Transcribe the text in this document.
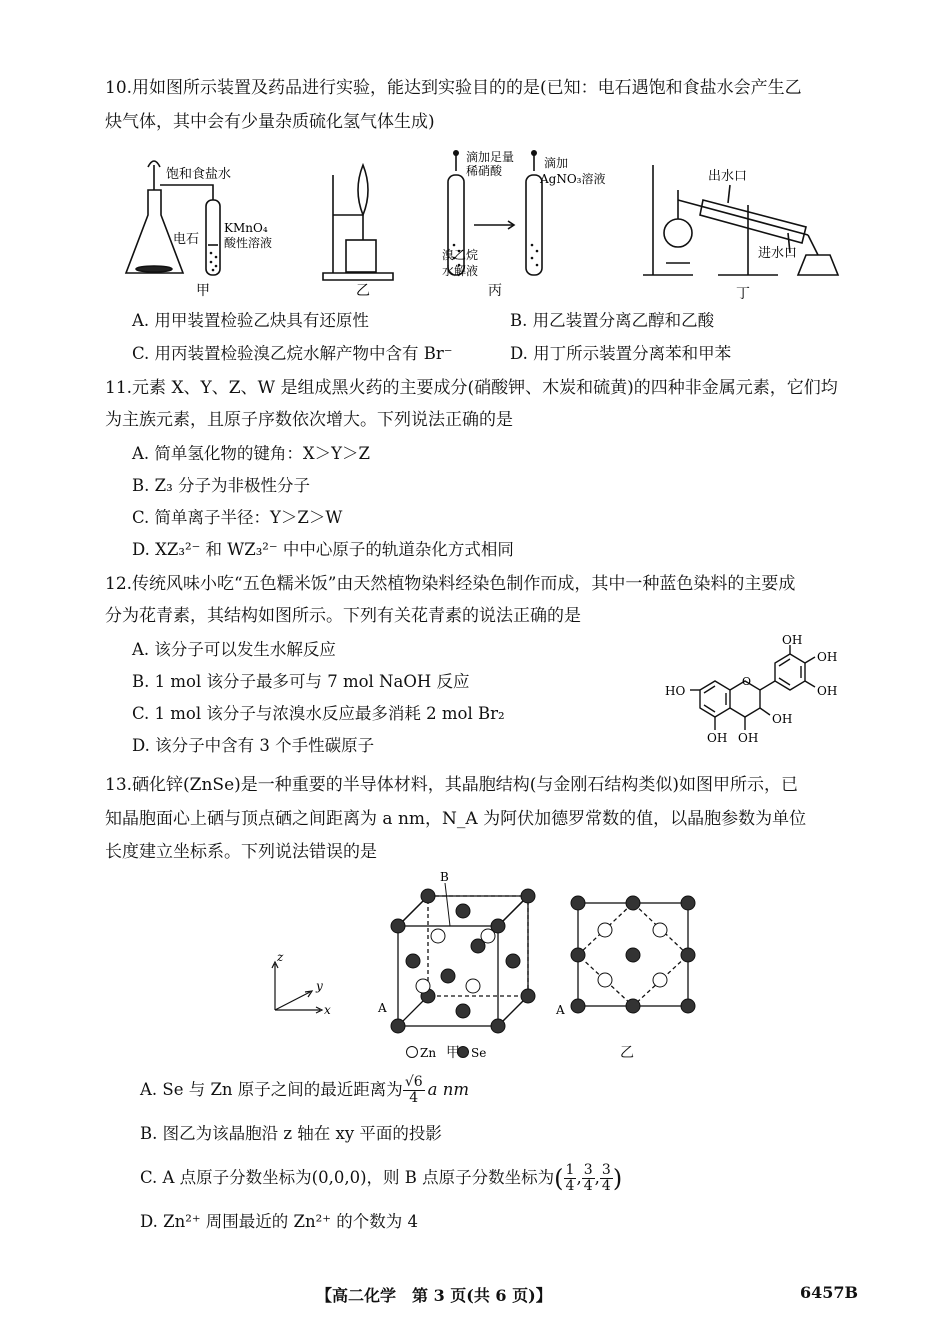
10.用如图所示装置及药品进行实验，能达到实验目的的是(已知：电石遇饱和食盐水会产生乙
炔气体，其中会有少量杂质硫化氢气体生成)
饱和食盐水
电石
KMnO₄
酸性溶液
甲	乙
滴加足量
稀硝酸
滴加
AgNO₃溶液
溴乙烷
水解液
丙
出水口
进水口
丁
A. 用甲装置检验乙炔具有还原性	B. 用乙装置分离乙醇和乙酸
C. 用丙装置检验溴乙烷水解产物中含有 Br⁻	D. 用丁所示装置分离苯和甲苯
11.元素 X、Y、Z、W 是组成黑火药的主要成分(硝酸钾、木炭和硫黄)的四种非金属元素，它们均
为主族元素，且原子序数依次增大。下列说法正确的是
A. 简单氢化物的键角：X＞Y＞Z
B. Z₃ 分子为非极性分子
C. 简单离子半径：Y＞Z＞W
D. XZ₃²⁻ 和 WZ₃²⁻ 中中心原子的轨道杂化方式相同
12.传统风味小吃“五色糯米饭”由天然植物染料经染色制作而成，其中一种蓝色染料的主要成
分为花青素，其结构如图所示。下列有关花青素的说法正确的是
A. 该分子可以发生水解反应
B. 1 mol 该分子最多可与 7 mol NaOH 反应
C. 1 mol 该分子与浓溴水反应最多消耗 2 mol Br₂
D. 该分子中含有 3 个手性碳原子
O
HO
OH OH
OH
OH
OH
OH
13.硒化锌(ZnSe)是一种重要的半导体材料，其晶胞结构(与金刚石结构类似)如图甲所示，已
知晶胞面心上硒与顶点硒之间距离为 a nm，N_A 为阿伏加德罗常数的值，以晶胞参数为单位
长度建立坐标系。下列说法错误的是
z
y
x
B
A
Zn	Se
A
甲	乙
A. Se 与 Zn 原子之间的最近距离为 $\frac{√6}{4}$ a nm
B. 图乙为该晶胞沿 z 轴在 xy 平面的投影
C. A 点原子分数坐标为(0,0,0)，则 B 点原子分数坐标为( $\frac{1}{4}$ , $\frac{3}{4}$ , $\frac{3}{4}$ )
D. Zn²⁺ 周围最近的 Zn²⁺ 的个数为 4
【高二化学　第 3 页(共 6 页)】	6457B
